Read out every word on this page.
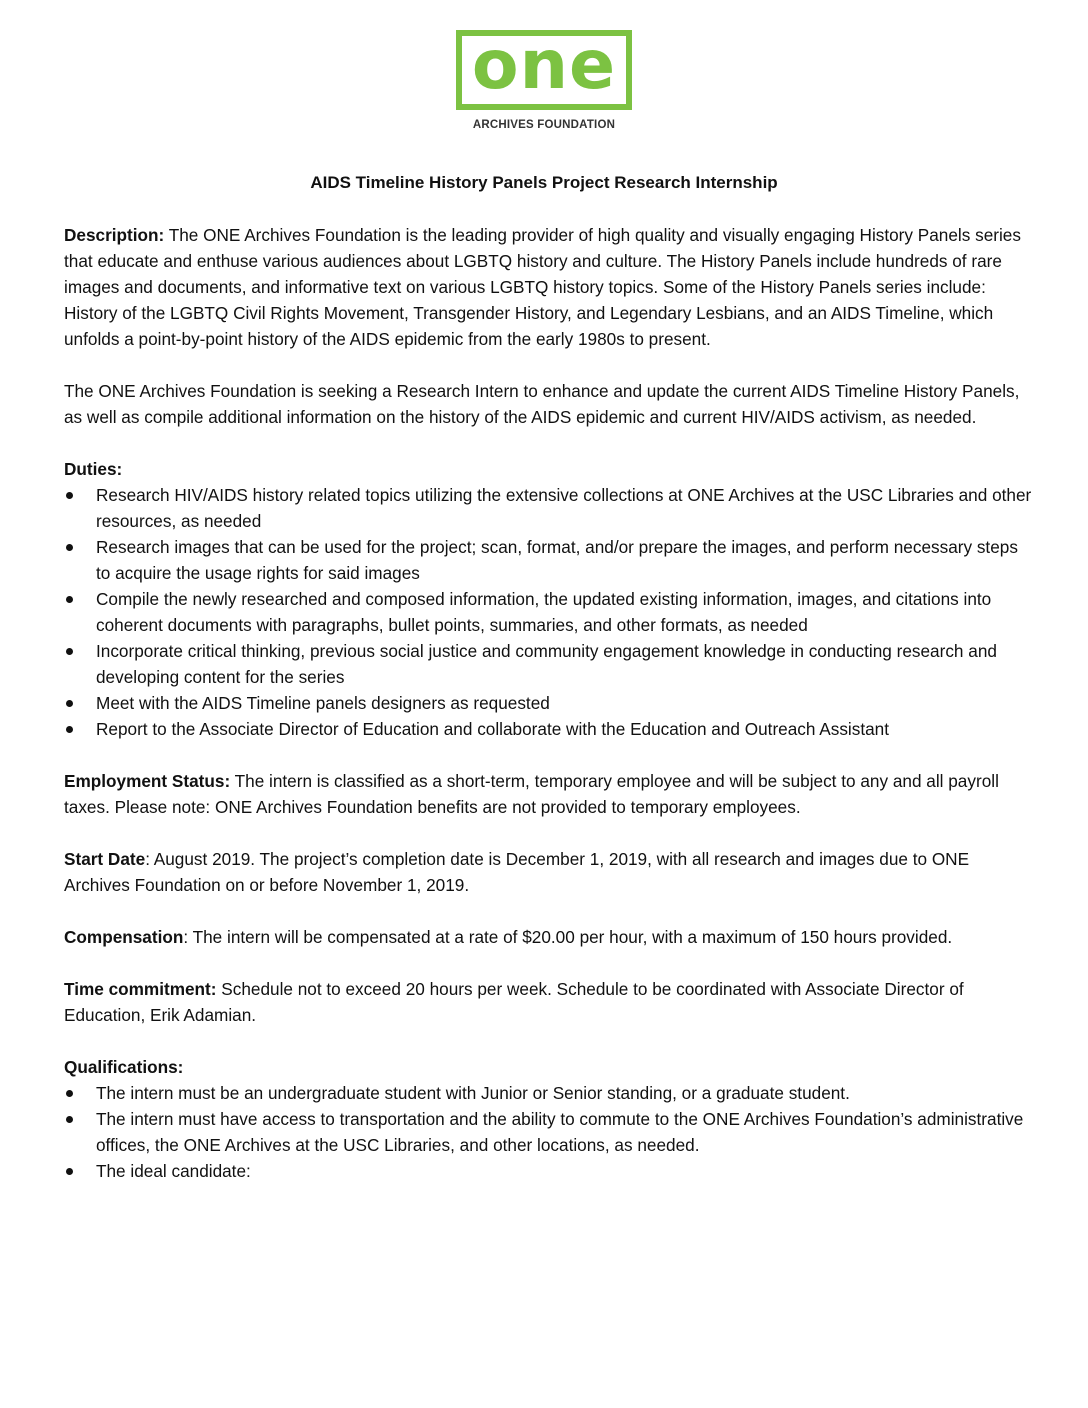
one
ARCHIVES FOUNDATION
AIDS Timeline History Panels Project Research Internship

Description: The ONE Archives Foundation is the leading provider of high quality and visually engaging History Panels series that educate and enthuse various audiences about LGBTQ history and culture. The History Panels include hundreds of rare images and documents, and informative text on various LGBTQ history topics. Some of the History Panels series include: History of the LGBTQ Civil Rights Movement, Transgender History, and Legendary Lesbians, and an AIDS Timeline, which unfolds a point-by-point history of the AIDS epidemic from the early 1980s to present.

The ONE Archives Foundation is seeking a Research Intern to enhance and update the current AIDS Timeline History Panels, as well as compile additional information on the history of the AIDS epidemic and current HIV/AIDS activism, as needed.

Duties:

Research HIV/AIDS history related topics utilizing the extensive collections at ONE Archives at the USC Libraries and other resources, as needed
Research images that can be used for the project; scan, format, and/or prepare the images, and perform necessary steps to acquire the usage rights for said images
Compile the newly researched and composed information, the updated existing information, images, and citations into coherent documents with paragraphs, bullet points, summaries, and other formats, as needed
Incorporate critical thinking, previous social justice and community engagement knowledge in conducting research and developing content for the series
Meet with the AIDS Timeline panels designers as requested
Report to the Associate Director of Education and collaborate with the Education and Outreach Assistant

Employment Status: The intern is classified as a short-term, temporary employee and will be subject to any and all payroll taxes. Please note: ONE Archives Foundation benefits are not provided to temporary employees.

Start Date: August 2019. The project’s completion date is December 1, 2019, with all research and images due to ONE Archives Foundation on or before November 1, 2019.

Compensation: The intern will be compensated at a rate of $20.00 per hour, with a maximum of 150 hours provided.

Time commitment: Schedule not to exceed 20 hours per week. Schedule to be coordinated with Associate Director of Education, Erik Adamian.

Qualifications:

The intern must be an undergraduate student with Junior or Senior standing, or a graduate student.
The intern must have access to transportation and the ability to commute to the ONE Archives Foundation’s administrative offices, the ONE Archives at the USC Libraries, and other locations, as needed.
The ideal candidate:
